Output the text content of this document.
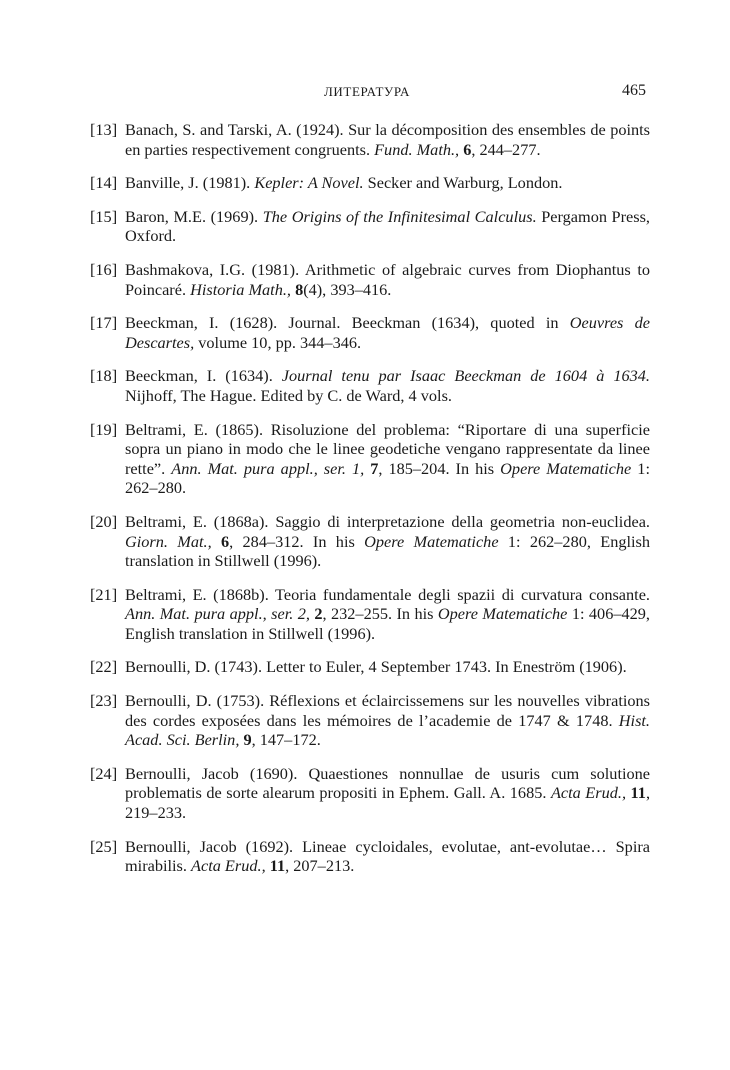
ЛИТЕРАТУРА	465
[13] Banach, S. and Tarski, A. (1924). Sur la décomposition des ensembles de points en parties respectivement congruents. Fund. Math., 6, 244–277.
[14] Banville, J. (1981). Kepler: A Novel. Secker and Warburg, London.
[15] Baron, M.E. (1969). The Origins of the Infinitesimal Calculus. Pergamon Press, Oxford.
[16] Bashmakova, I.G. (1981). Arithmetic of algebraic curves from Diophantus to Poincaré. Historia Math., 8(4), 393–416.
[17] Beeckman, I. (1628). Journal. Beeckman (1634), quoted in Oeuvres de Descartes, volume 10, pp. 344–346.
[18] Beeckman, I. (1634). Journal tenu par Isaac Beeckman de 1604 à 1634. Nijhoff, The Hague. Edited by C. de Ward, 4 vols.
[19] Beltrami, E. (1865). Risoluzione del problema: “Riportare di una superficie sopra un piano in modo che le linee geodetiche vengano rappresentate da linee rette”. Ann. Mat. pura appl., ser. 1, 7, 185–204. In his Opere Matematiche 1: 262–280.
[20] Beltrami, E. (1868a). Saggio di interpretazione della geometria non-euclidea. Giorn. Mat., 6, 284–312. In his Opere Matematiche 1: 262–280, English translation in Stillwell (1996).
[21] Beltrami, E. (1868b). Teoria fundamentale degli spazii di curvatura consante. Ann. Mat. pura appl., ser. 2, 2, 232–255. In his Opere Matematiche 1: 406–429, English translation in Stillwell (1996).
[22] Bernoulli, D. (1743). Letter to Euler, 4 September 1743. In Eneström (1906).
[23] Bernoulli, D. (1753). Réflexions et éclaircissemens sur les nouvelles vibrations des cordes exposées dans les mémoires de l’academie de 1747 & 1748. Hist. Acad. Sci. Berlin, 9, 147–172.
[24] Bernoulli, Jacob (1690). Quaestiones nonnullae de usuris cum solutione problematis de sorte alearum propositi in Ephem. Gall. A. 1685. Acta Erud., 11, 219–233.
[25] Bernoulli, Jacob (1692). Lineae cycloidales, evolutae, ant-evolutae… Spira mirabilis. Acta Erud., 11, 207–213.
